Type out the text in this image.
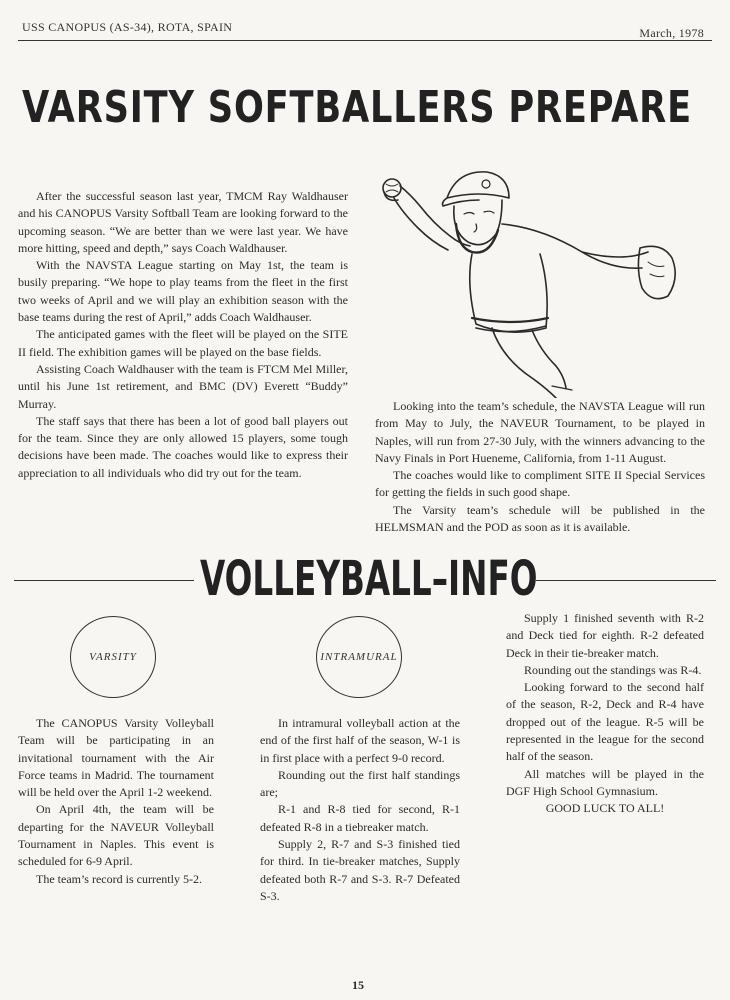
USS CANOPUS (AS-34), ROTA, SPAIN	March, 1978
VARSITY SOFTBALLERS PREPARE

After the successful season last year, TMCM Ray Waldhauser and his CANOPUS Varsity Softball Team are looking forward to the upcoming season. “We are better than we were last year. We have more hitting, speed and depth,” says Coach Waldhauser.

With the NAVSTA League starting on May 1st, the team is busily preparing. “We hope to play teams from the fleet in the first two weeks of April and we will play an exhibition season with the base teams during the rest of April,” adds Coach Waldhauser.

The anticipated games with the fleet will be played on the SITE II field. The exhibition games will be played on the base fields.

Assisting Coach Waldhauser with the team is FTCM Mel Miller, until his June 1st retirement, and BMC (DV) Everett “Buddy” Murray.

The staff says that there has been a lot of good ball players out for the team. Since they are only allowed 15 players, some tough decisions have been made. The coaches would like to express their appreciation to all individuals who did try out for the team.

Looking into the team’s schedule, the NAVSTA League will run from May to July, the NAVEUR Tournament, to be played in Naples, will run from 27-30 July, with the winners advancing to the Navy Finals in Port Hueneme, California, from 1-11 August.

The coaches would like to compliment SITE II Special Services for getting the fields in such good shape.

The Varsity team’s schedule will be published in the HELMSMAN and the POD as soon as it is available.

VOLLEYBALL–INFO
VARSITY	INTRAMURAL

The CANOPUS Varsity Volleyball Team will be participating in an invitational tournament with the Air Force teams in Madrid. The tournament will be held over the April 1-2 weekend.

On April 4th, the team will be departing for the NAVEUR Volleyball Tournament in Naples. This event is scheduled for 6-9 April.

The team’s record is currently 5-2.

In intramural volleyball action at the end of the first half of the season, W-1 is in first place with a perfect 9-0 record.

Rounding out the first half standings are;

R-1 and R-8 tied for second, R-1 defeated R-8 in a tiebreaker match.

Supply 2, R-7 and S-3 finished tied for third. In tie-breaker matches, Supply defeated both R-7 and S-3. R-7 Defeated S-3.

Supply 1 finished seventh with R-2 and Deck tied for eighth. R-2 defeated Deck in their tie-breaker match.

Rounding out the standings was R-4.

Looking forward to the second half of the season, R-2, Deck and R-4 have dropped out of the league. R-5 will be represented in the league for the second half of the season.

All matches will be played in the DGF High School Gymnasium.

GOOD LUCK TO ALL!

15
